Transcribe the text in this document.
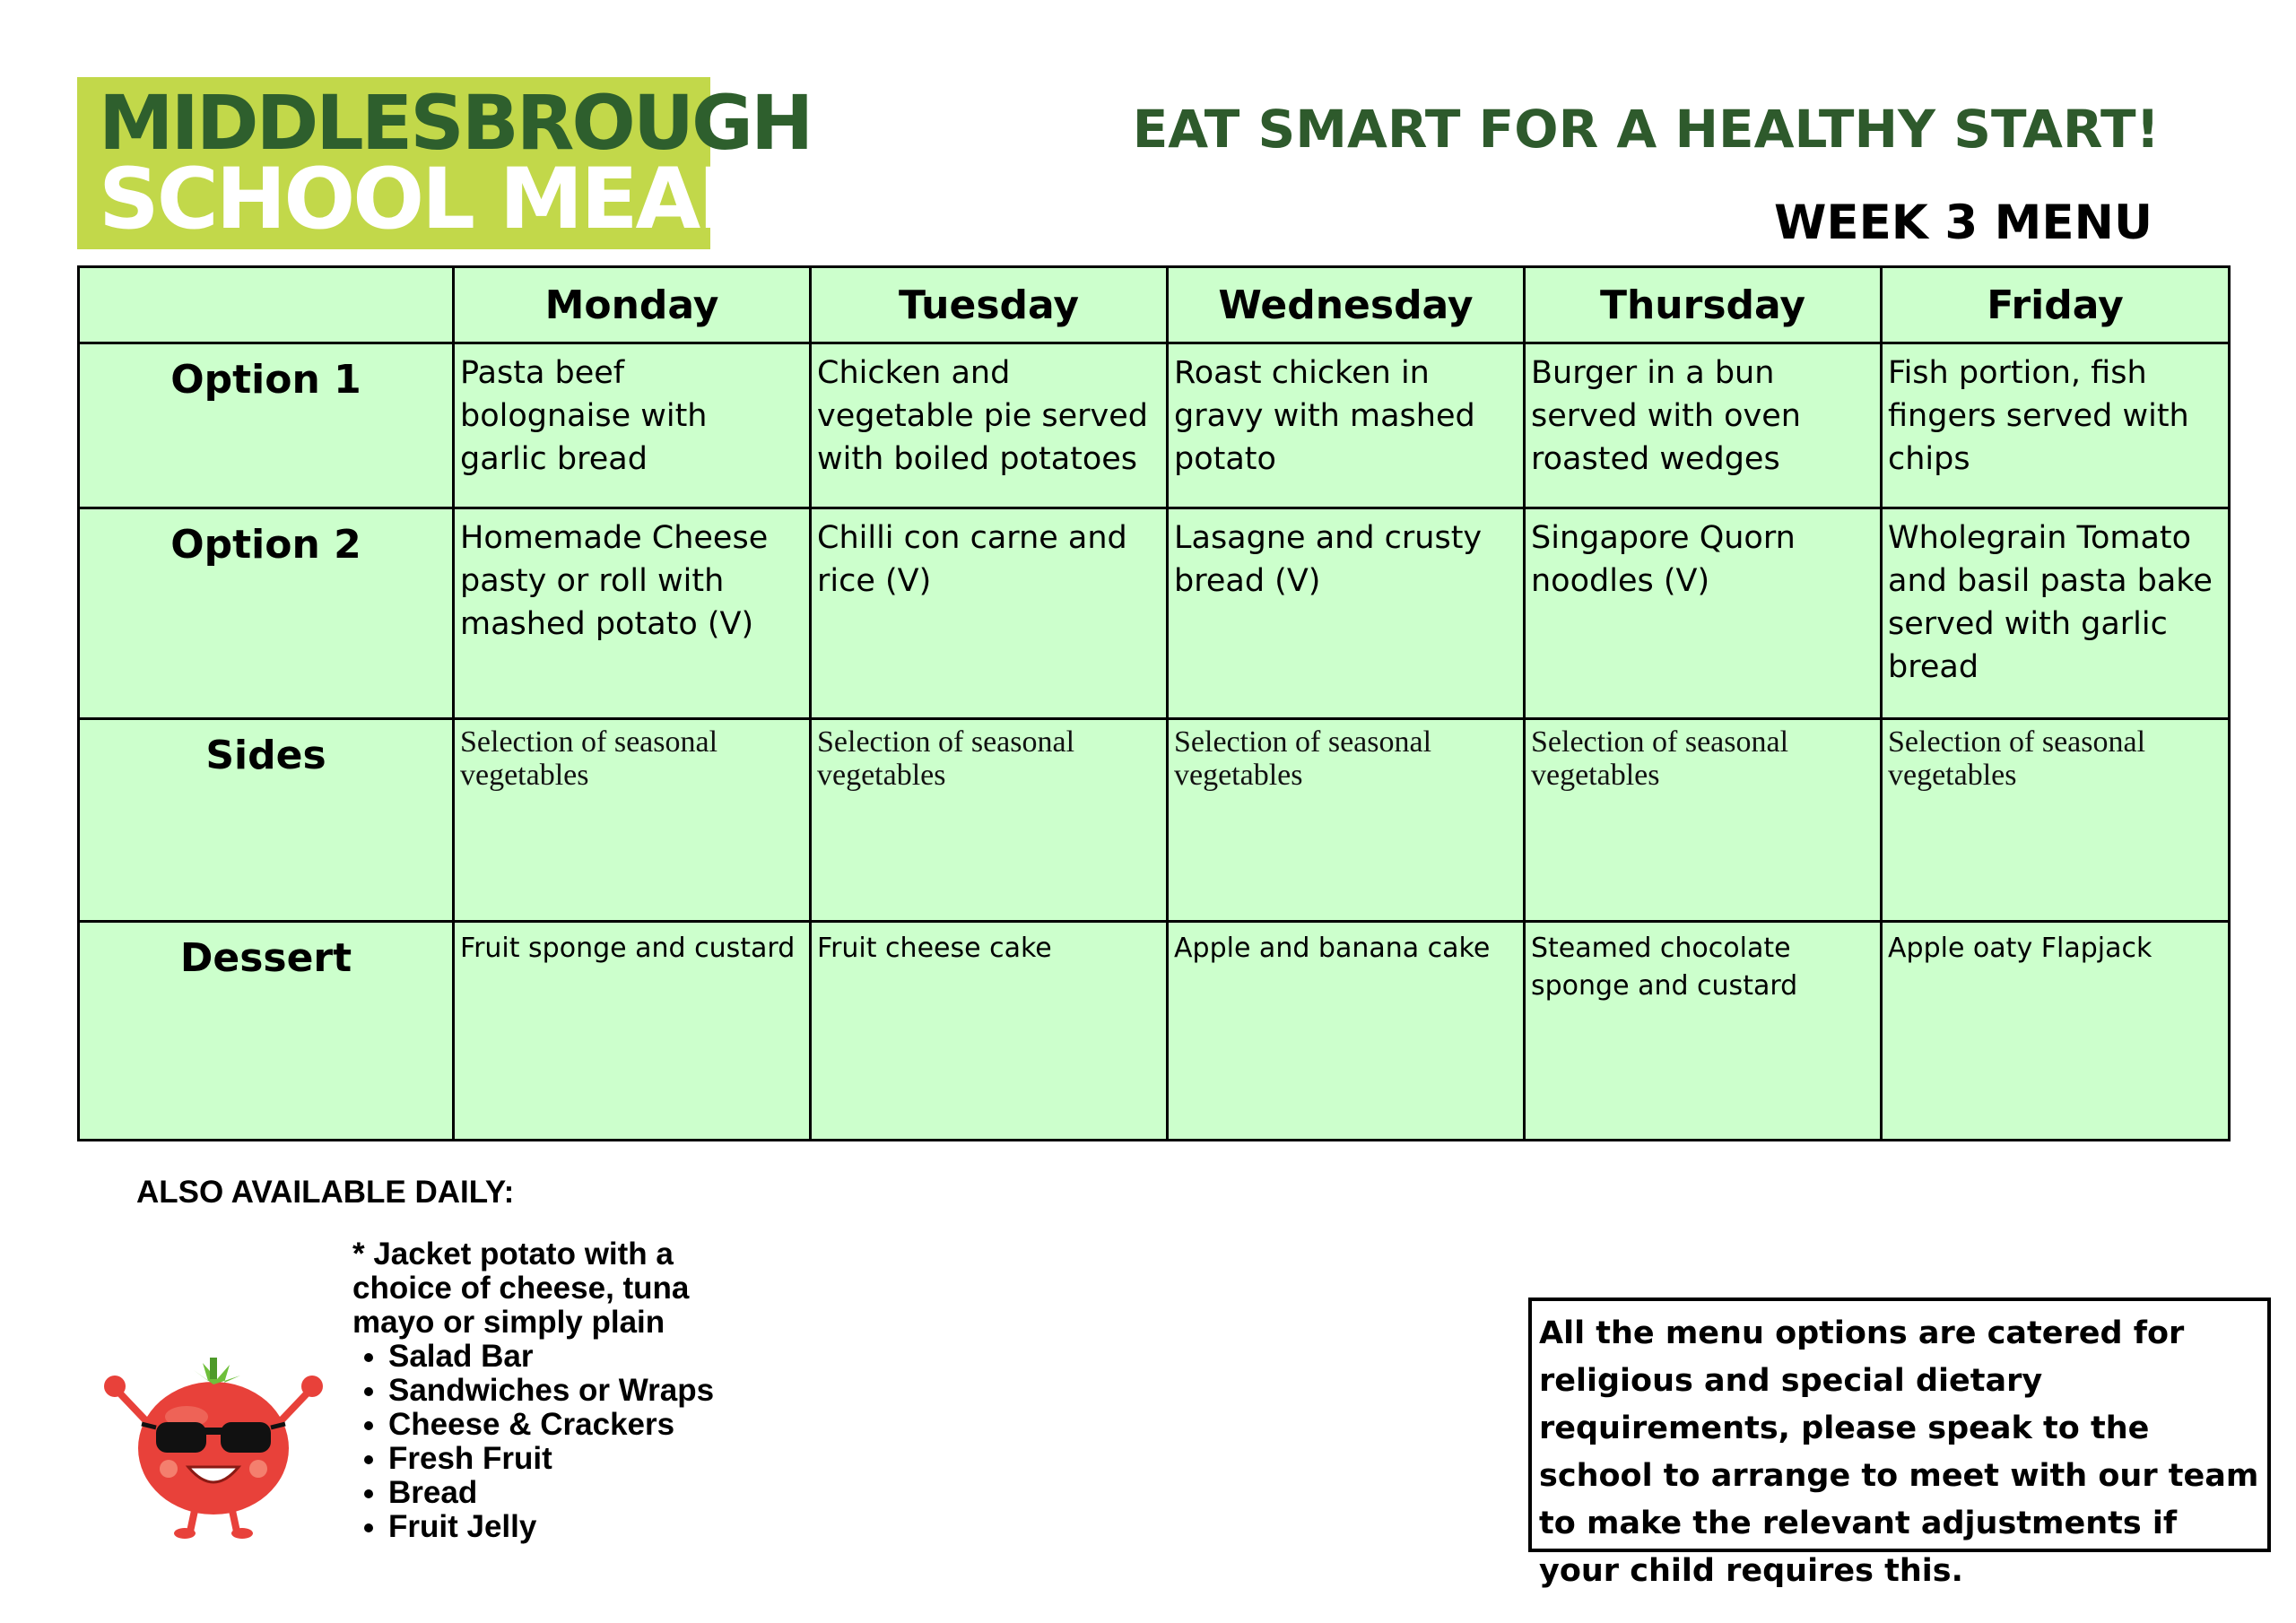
MIDDLESBROUGH
SCHOOL MEALS
EAT SMART FOR A HEALTHY START!
WEEK 3 MENU
	Monday	Tuesday	Wednesday	Thursday	Friday
Option 1	Pasta beef bolognaise with garlic bread	Chicken and vegetable pie served with boiled potatoes	Roast chicken in gravy with mashed potato	Burger in a bun served with oven roasted wedges	Fish portion, fish fingers served with chips
Option 2	Homemade Cheese pasty or roll with mashed potato (V)	Chilli con carne and rice (V)	Lasagne and crusty bread (V)	Singapore Quorn noodles (V)	Wholegrain Tomato and basil pasta bake served with garlic bread
Sides	Selection of seasonal vegetables	Selection of seasonal vegetables	Selection of seasonal vegetables	Selection of seasonal vegetables	Selection of seasonal vegetables
Dessert	Fruit sponge and custard	Fruit cheese cake	Apple and banana cake	Steamed chocolate sponge and custard	Apple oaty Flapjack
ALSO AVAILABLE DAILY:

* Jacket potato with a choice of cheese, tuna mayo or simply plain

• Salad Bar
• Sandwiches or Wraps
• Cheese & Crackers
• Fresh Fruit
• Bread
• Fruit Jelly
All the menu options are catered for religious and special dietary requirements, please speak to the school to arrange to meet with our team to make the relevant adjustments if your child requires this.
